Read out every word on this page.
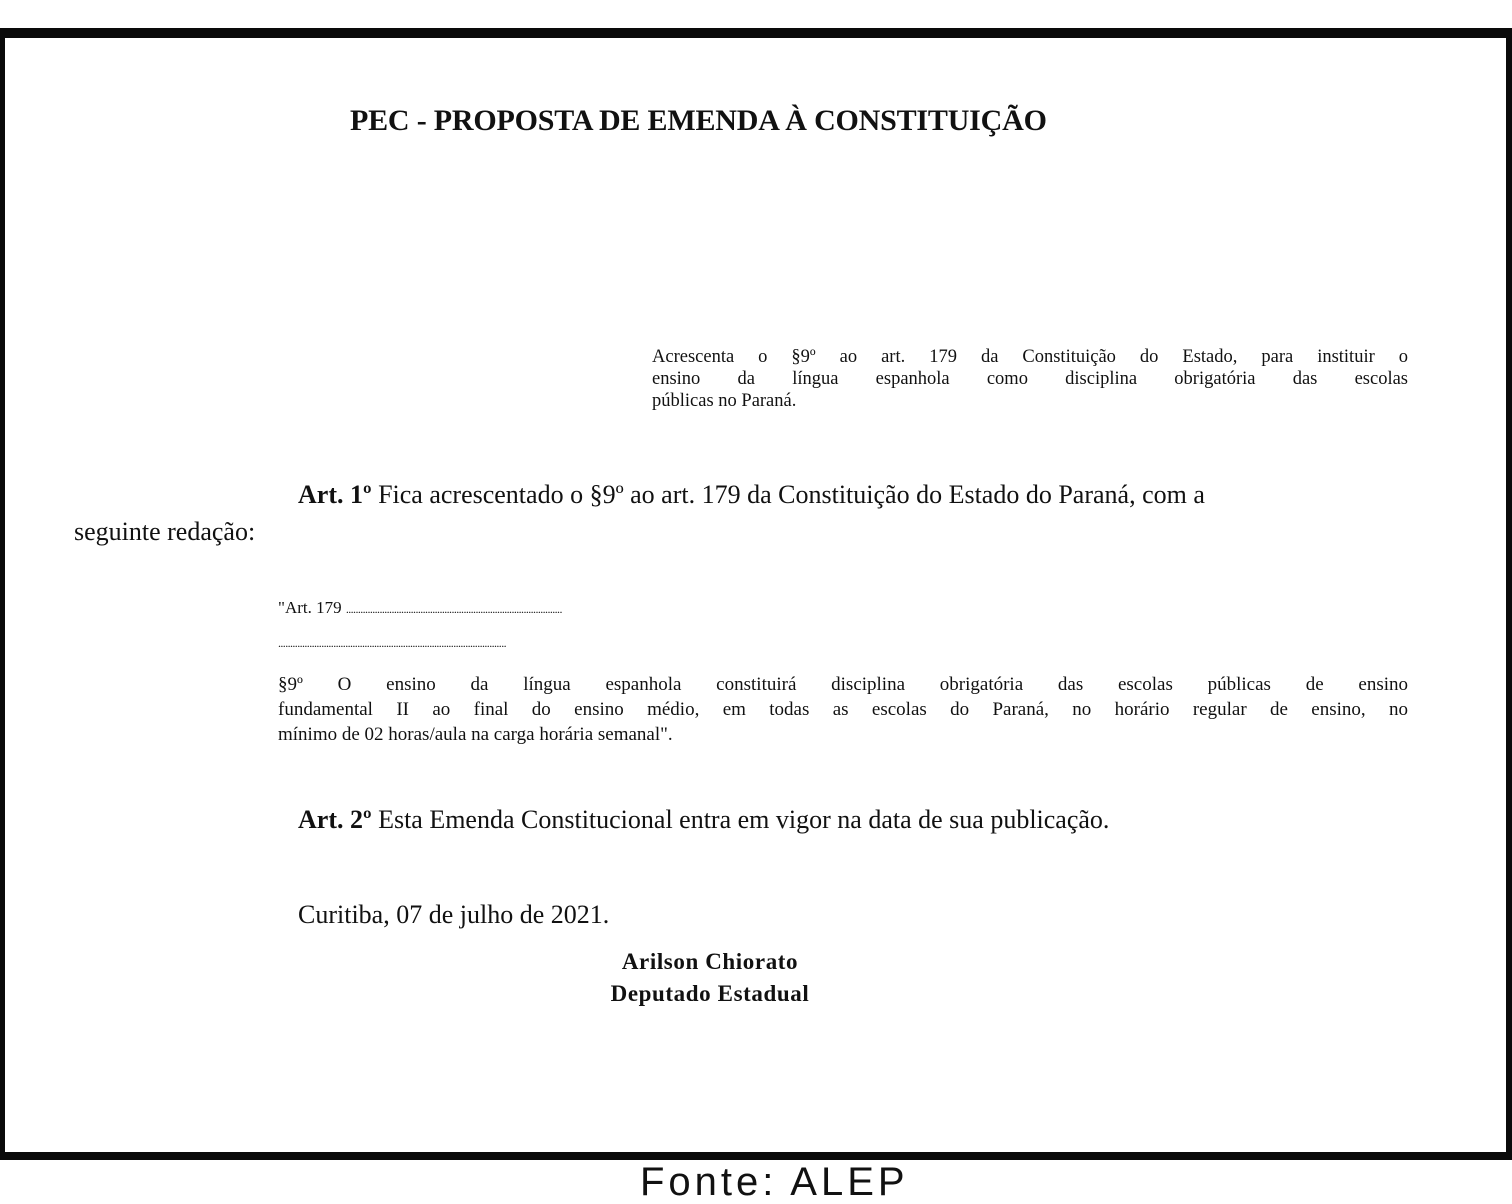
PEC - PROPOSTA DE EMENDA À CONSTITUIÇÃO
Acrescenta o §9º ao art. 179 da Constituição do Estado, para instituir o
ensino da língua espanhola como disciplina obrigatória das escolas
públicas no Paraná.
Art. 1º Fica acrescentado o §9º ao art. 179 da Constituição do Estado do Paraná, com a
seguinte redação:
"Art. 179 ..........................................................................................
...............................................................................................
§9º O ensino da língua espanhola constituirá disciplina obrigatória das escolas públicas de ensino
fundamental II ao final do ensino médio, em todas as escolas do Paraná, no horário regular de ensino, no
mínimo de 02 horas/aula na carga horária semanal".
Art. 2º Esta Emenda Constitucional entra em vigor na data de sua publicação.
Curitiba, 07 de julho de 2021.
Arilson Chiorato
Deputado Estadual
Fonte: ALEP
